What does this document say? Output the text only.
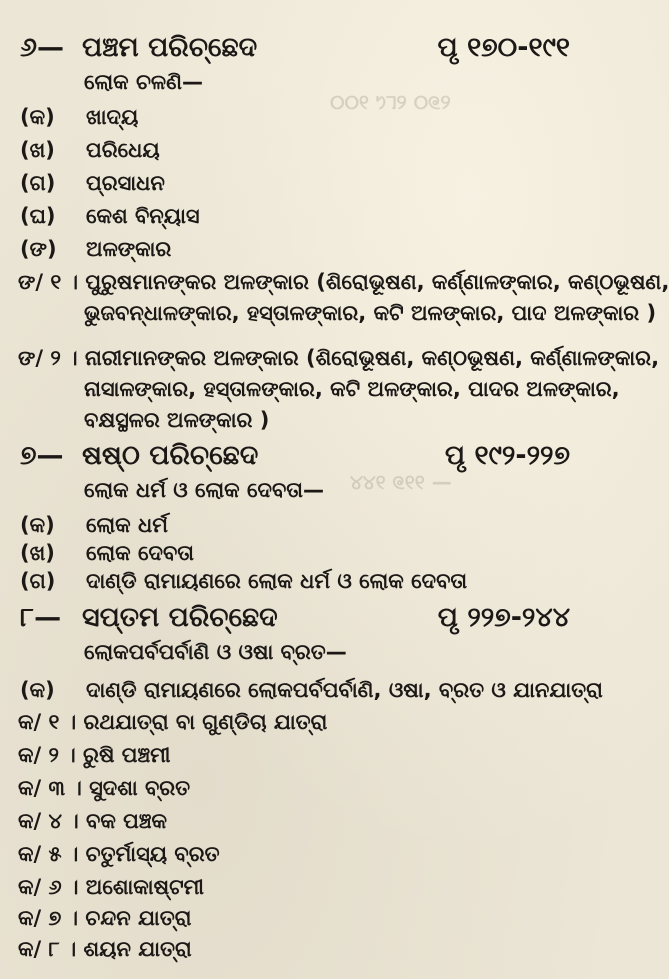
୧୭୦ ୧୮୯ ୨୦୦
— ୨୨୭ ୨୪୪
୬— ପଞ୍ଚମ ପରିଚ୍ଛେଦ	ପୃ ୧୭୦-୧୯୧
ଲୋକ ଚଳଣି—
(କ) ଖାଦ୍ୟ
(ଖ) ପରିଧେୟ
(ଗ) ପ୍ରସାଧନ
(ଘ) କେଶ ବିନ୍ୟାସ
(ଙ) ଅଳଙ୍କାର
ଙ/ ୧ । ପୁରୁଷମାନଙ୍କର ଅଳଙ୍କାର (ଶିରୋଭୂଷଣ, କର୍ଣ୍ଣାଳଙ୍କାର, କଣ୍ଠଭୂଷଣ,
ଭୁଜବନ୍ଧାଳଙ୍କାର, ହସ୍ତାଳଙ୍କାର, କଟି ଅଳଙ୍କାର, ପାଦ ଅଳଙ୍କାର )
ଙ/ ୨ । ନାରୀମାନଙ୍କର ଅଳଙ୍କାର (ଶିରୋଭୂଷଣ, କଣ୍ଠଭୂଷଣ, କର୍ଣ୍ଣାଳଙ୍କାର,
ନାସାଳଙ୍କାର, ହସ୍ତାଳଙ୍କାର, କଟି ଅଳଙ୍କାର, ପାଦର ଅଳଙ୍କାର,
ବକ୍ଷସ୍ଥଳର ଅଳଙ୍କାର )
୭— ଷଷ୍ଠ ପରିଚ୍ଛେଦ	ପୃ ୧୯୨-୨୨୭
ଲୋକ ଧର୍ମ ଓ ଲୋକ ଦେବତା—
(କ) ଲୋକ ଧର୍ମ
(ଖ) ଲୋକ ଦେବତା
(ଗ) ଦାଣ୍ଡି ରାମାୟଣରେ ଲୋକ ଧର୍ମ ଓ ଲୋକ ଦେବତା
୮— ସପ୍ତମ ପରିଚ୍ଛେଦ	ପୃ ୨୨୭-୨୪୪
ଲୋକପର୍ବପର୍ବାଣି ଓ ଓଷା ବ୍ରତ—
(କ) ଦାଣ୍ଡି ରାମାୟଣରେ ଲୋକପର୍ବପର୍ବାଣି, ଓଷା, ବ୍ରତ ଓ ଯାନଯାତ୍ରା
କ/ ୧ । ରଥଯାତ୍ରା ବା ଗୁଣ୍ଡିଚା ଯାତ୍ରା
କ/ ୨ । ରୁଷି ପଞ୍ଚମୀ
କ/ ୩ । ସୁଦଶା ବ୍ରତ
କ/ ୪ । ବକ ପଞ୍ଚକ
କ/ ୫ । ଚତୁର୍ମାସ୍ୟ ବ୍ରତ
କ/ ୬ । ଅଶୋକାଷ୍ଟମୀ
କ/ ୭ । ଚନ୍ଦନ ଯାତ୍ରା
କ/ ୮ । ଶୟନ ଯାତ୍ରା
